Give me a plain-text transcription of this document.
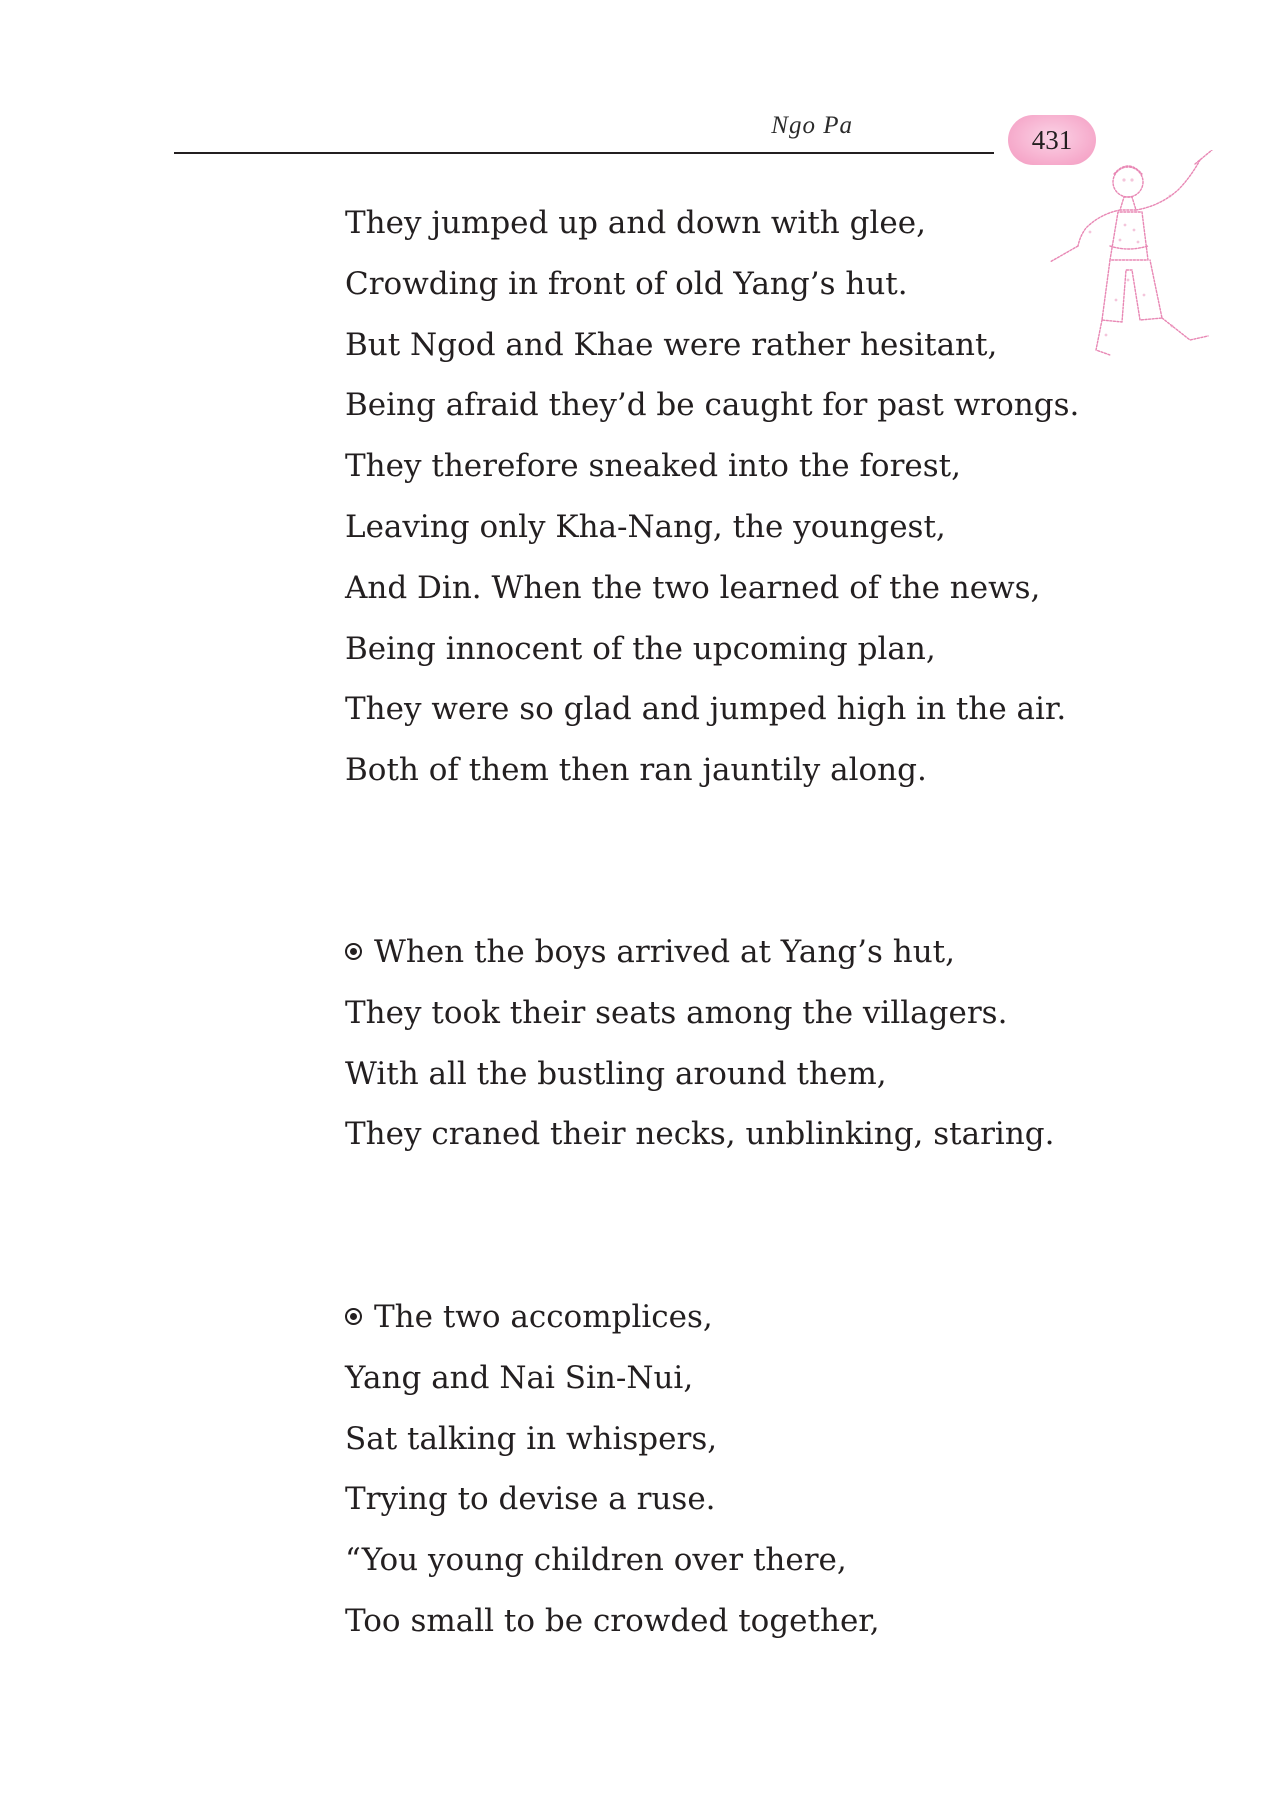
Ngo Pa	431
They jumped up and down with glee,
Crowding in front of old Yang’s hut.
But Ngod and Khae were rather hesitant,
Being afraid they’d be caught for past wrongs.
They therefore sneaked into the forest,
Leaving only Kha-Nang, the youngest,
And Din. When the two learned of the news,
Being innocent of the upcoming plan,
They were so glad and jumped high in the air.
Both of them then ran jauntily along.
When the boys arrived at Yang’s hut,
They took their seats among the villagers.
With all the bustling around them,
They craned their necks, unblinking, staring.
The two accomplices,
Yang and Nai Sin-Nui,
Sat talking in whispers,
Trying to devise a ruse.
“You young children over there,
Too small to be crowded together,
